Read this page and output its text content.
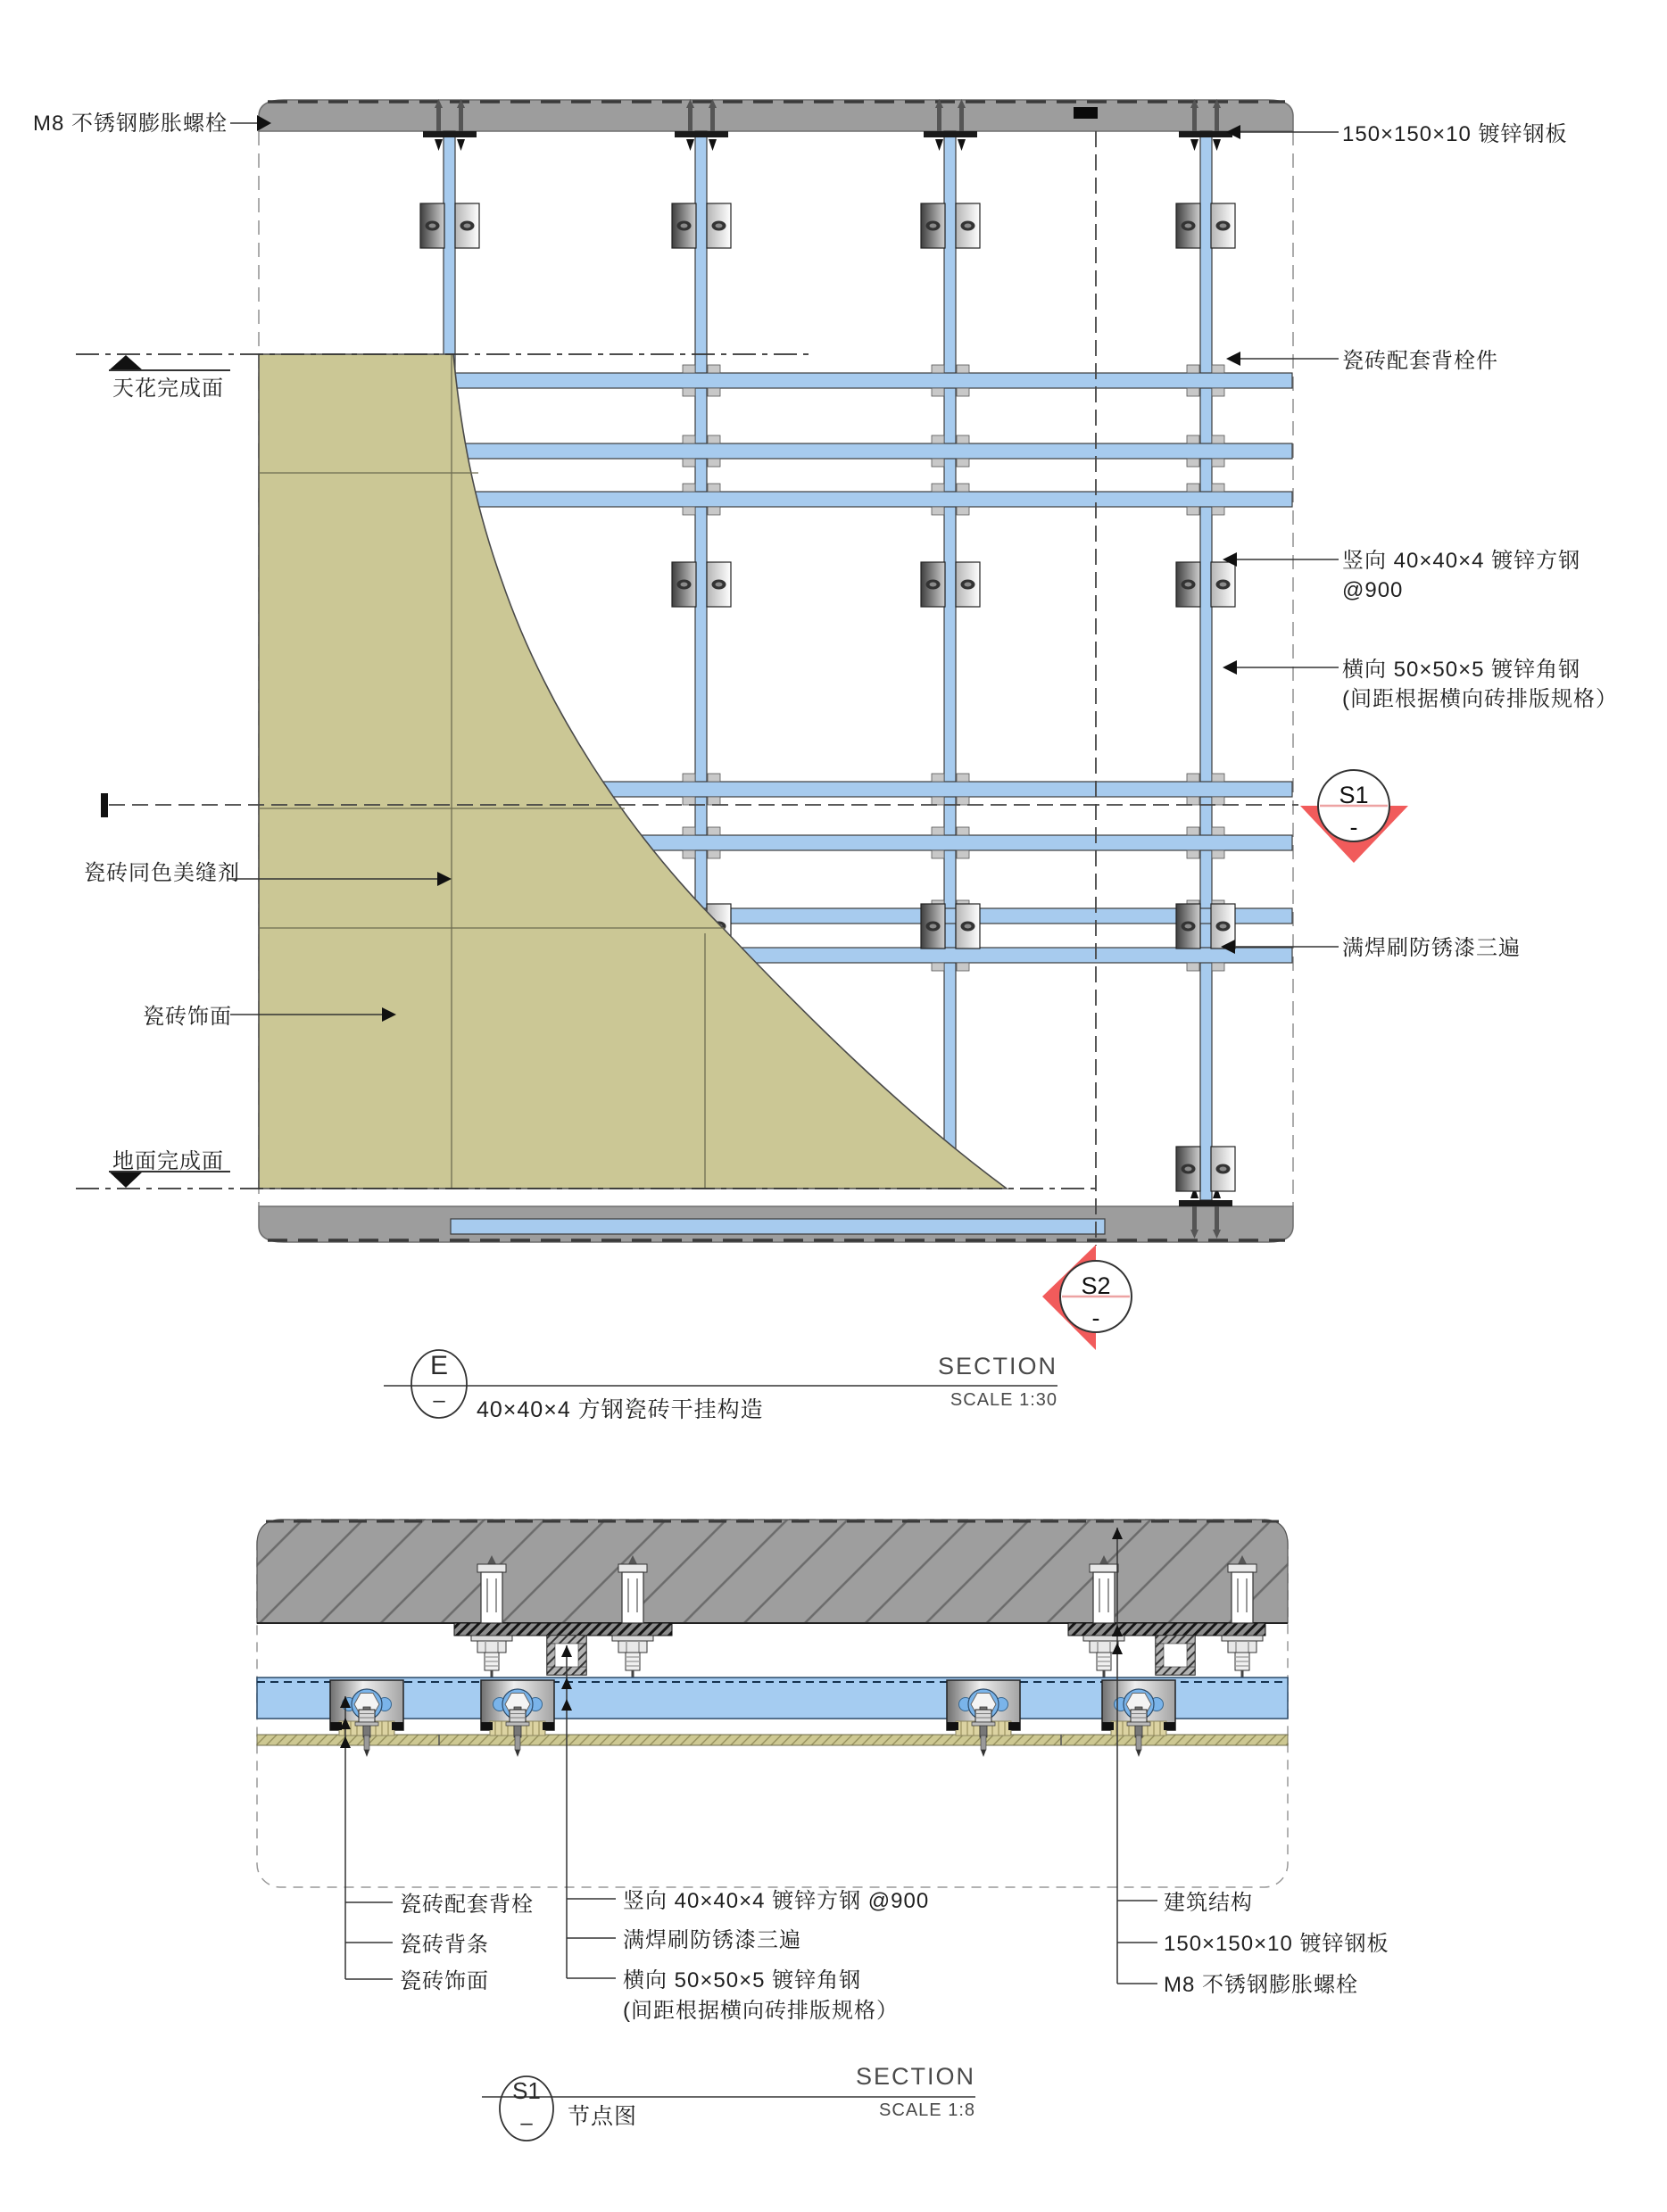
M8 不锈钢膨胀螺栓	150×150×10 镀锌钢板
瓷砖配套背栓件
竖向 40×40×4 镀锌方钢
@900
横向 50×50×5 镀锌角钢
(间距根据横向砖排版规格）
满焊刷防锈漆三遍
天花完成面
瓷砖同色美缝剂
瓷砖饰面
地面完成面
S1
-
S2
-
E
–	40×40×4 方钢瓷砖干挂构造
SECTION
SCALE 1:30
瓷砖配套背栓
瓷砖背条
瓷砖饰面
竖向 40×40×4 镀锌方钢 @900
满焊刷防锈漆三遍
横向 50×50×5 镀锌角钢
(间距根据横向砖排版规格）
建筑结构
150×150×10 镀锌钢板
M8 不锈钢膨胀螺栓
S1
–	节点图
SECTION
SCALE 1:8
